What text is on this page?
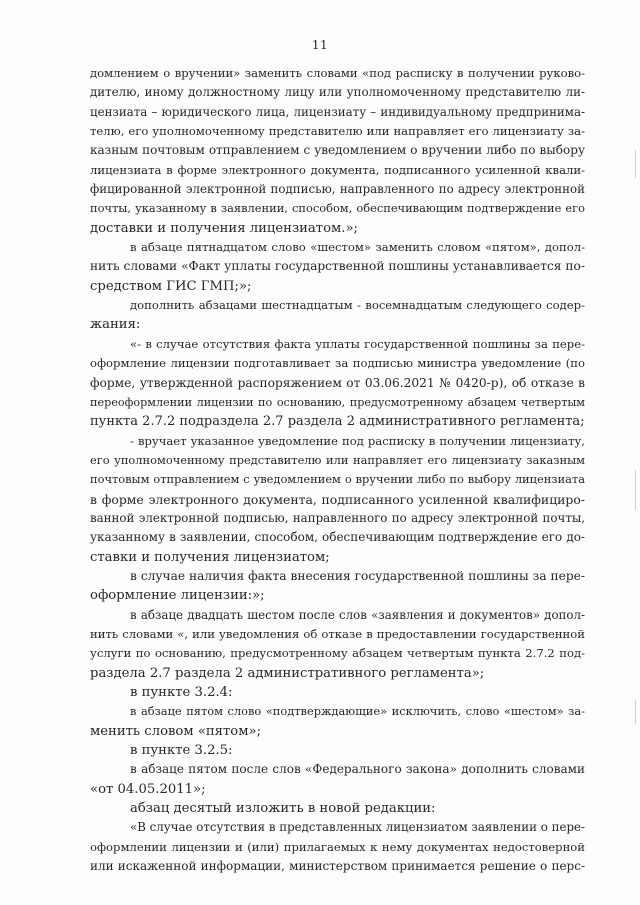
11
домлением о вручении» заменить словами «под расписку в получении руково-
дителю, иному должностному лицу или уполномоченному представителю ли-
цензиата – юридического лица, лицензиату – индивидуальному предпринима-
телю, его уполномоченному представителю или направляет его лицензиату за-
казным почтовым отправлением с уведомлением о вручении либо по выбору
лицензиата в форме электронного документа, подписанного усиленной квали-
фицированной электронной подписью, направленного по адресу электронной
почты, указанному в заявлении, способом, обеспечивающим подтверждение его
доставки и получения лицензиатом.»;
в абзаце пятнадцатом слово «шестом» заменить словом «пятом», допол-
нить словами «Факт уплаты государственной пошлины устанавливается по-
средством ГИС ГМП;»;
дополнить абзацами шестнадцатым - восемнадцатым следующего содер-
жания:
«- в случае отсутствия факта уплаты государственной пошлины за пере-
оформление лицензии подготавливает за подписью министра уведомление (по
форме, утвержденной распоряжением от 03.06.2021 № 0420-р), об отказе в
переоформлении лицензии по основанию, предусмотренному абзацем четвертым
пункта 2.7.2 подраздела 2.7 раздела 2 административного регламента;
- вручает указанное уведомление под расписку в получении лицензиату,
его уполномоченному представителю или направляет его лицензиату заказным
почтовым отправлением с уведомлением о вручении либо по выбору лицензиата
в форме электронного документа, подписанного усиленной квалифициро-
ванной электронной подписью, направленного по адресу электронной почты,
указанному в заявлении, способом, обеспечивающим подтверждение его до-
ставки и получения лицензиатом;
в случае наличия факта внесения государственной пошлины за пере-
оформление лицензии:»;
в абзаце двадцать шестом после слов «заявления и документов» допол-
нить словами «, или уведомления об отказе в предоставлении государственной
услуги по основанию, предусмотренному абзацем четвертым пункта 2.7.2 под-
раздела 2.7 раздела 2 административного регламента»;
в пункте 3.2.4:
в абзаце пятом слово «подтверждающие» исключить, слово «шестом» за-
менить словом «пятом»;
в пункте 3.2.5:
в абзаце пятом после слов «Федерального закона» дополнить словами
«от 04.05.2011»;
абзац десятый изложить в новой редакции:
«В случае отсутствия в представленных лицензиатом заявлении о пере-
оформлении лицензии и (или) прилагаемых к нему документах недостоверной
или искаженной информации, министерством принимается решение о перс-
